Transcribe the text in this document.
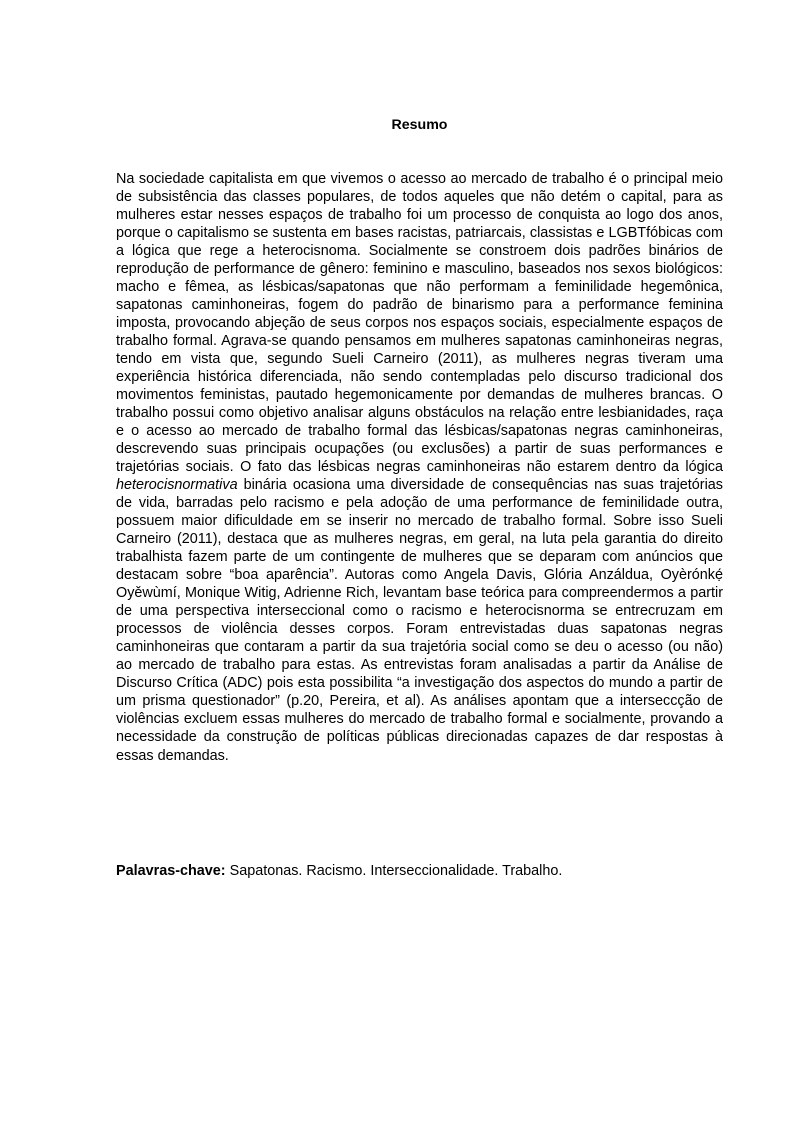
Resumo

Na sociedade capitalista em que vivemos o acesso ao mercado de trabalho é o principal meio de subsistência das classes populares, de todos aqueles que não detém o capital, para as mulheres estar nesses espaços de trabalho foi um processo de conquista ao logo dos anos, porque o capitalismo se sustenta em bases racistas, patriarcais, classistas e LGBTfóbicas com a lógica que rege a heterocisnoma. Socialmente se constroem dois padrões binários de reprodução de performance de gênero: feminino e masculino, baseados nos sexos biológicos: macho e fêmea, as lésbicas/sapatonas que não performam a feminilidade hegemônica, sapatonas caminhoneiras, fogem do padrão de binarismo para a performance feminina imposta, provocando abjeção de seus corpos nos espaços sociais, especialmente espaços de trabalho formal. Agrava-se quando pensamos em mulheres sapatonas caminhoneiras negras, tendo em vista que, segundo Sueli Carneiro (2011), as mulheres negras tiveram uma experiência histórica diferenciada, não sendo contempladas pelo discurso tradicional dos movimentos feministas, pautado hegemonicamente por demandas de mulheres brancas. O trabalho possui como objetivo analisar alguns obstáculos na relação entre lesbianidades, raça e o acesso ao mercado de trabalho formal das lésbicas/sapatonas negras caminhoneiras, descrevendo suas principais ocupações (ou exclusões) a partir de suas performances e trajetórias sociais. O fato das lésbicas negras caminhoneiras não estarem dentro da lógica heterocisnormativa binária ocasiona uma diversidade de consequências nas suas trajetórias de vida, barradas pelo racismo e pela adoção de uma performance de feminilidade outra, possuem maior dificuldade em se inserir no mercado de trabalho formal. Sobre isso Sueli Carneiro (2011), destaca que as mulheres negras, em geral, na luta pela garantia do direito trabalhista fazem parte de um contingente de mulheres que se deparam com anúncios que destacam sobre “boa aparência”. Autoras como Angela Davis, Glória Anzáldua, Oyèrónkẹ́ Oyěwùmí, Monique Witig, Adrienne Rich, levantam base teórica para compreendermos a partir de uma perspectiva interseccional como o racismo e heterocisnorma se entrecruzam em processos de violência desses corpos. Foram entrevistadas duas sapatonas negras caminhoneiras que contaram a partir da sua trajetória social como se deu o acesso (ou não) ao mercado de trabalho para estas. As entrevistas foram analisadas a partir da Análise de Discurso Crítica (ADC) pois esta possibilita “a investigação dos aspectos do mundo a partir de um prisma questionador” (p.20, Pereira, et al). As análises apontam que a interseccção de violências excluem essas mulheres do mercado de trabalho formal e socialmente, provando a necessidade da construção de políticas públicas direcionadas capazes de dar respostas à essas demandas.

Palavras-chave: Sapatonas. Racismo. Interseccionalidade. Trabalho.
